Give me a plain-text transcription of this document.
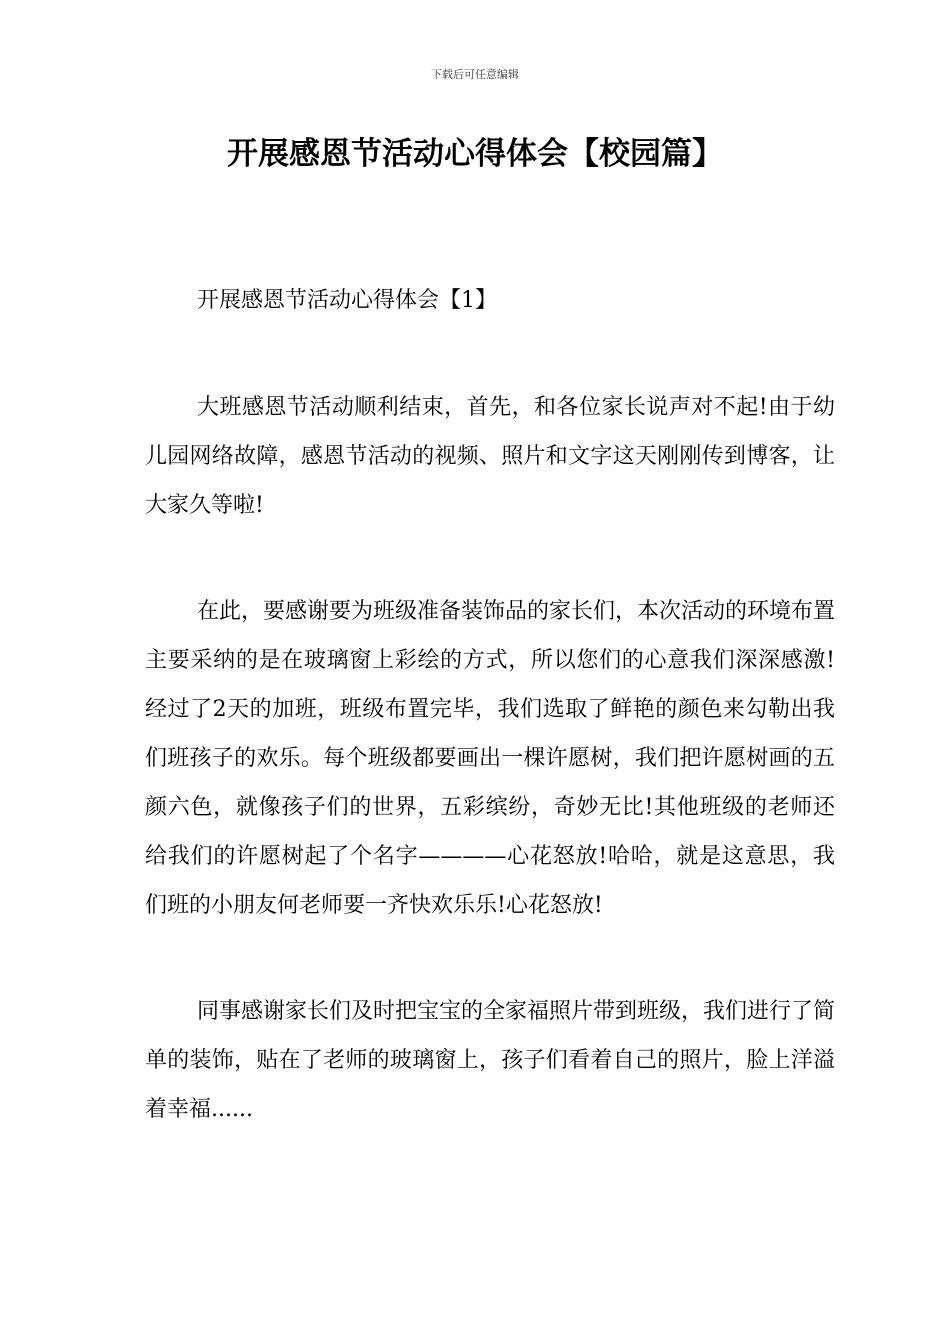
下载后可任意编辑
开展感恩节活动心得体会【校园篇】

开展感恩节活动心得体会【1】

大班感恩节活动顺利结束，首先，和各位家长说声对不起!由于幼儿园网络故障，感恩节活动的视频、照片和文字这天刚刚传到博客，让大家久等啦!

在此，要感谢要为班级准备装饰品的家长们，本次活动的环境布置主要采纳的是在玻璃窗上彩绘的方式，所以您们的心意我们深深感激!经过了2天的加班，班级布置完毕，我们选取了鲜艳的颜色来勾勒出我们班孩子的欢乐。每个班级都要画出一棵许愿树，我们把许愿树画的五颜六色，就像孩子们的世界，五彩缤纷，奇妙无比!其他班级的老师还给我们的许愿树起了个名字————心花怒放!哈哈，就是这意思，我们班的小朋友何老师要一齐快欢乐乐!心花怒放!

同事感谢家长们及时把宝宝的全家福照片带到班级，我们进行了简单的装饰，贴在了老师的玻璃窗上，孩子们看着自己的照片，脸上洋溢着幸福......
